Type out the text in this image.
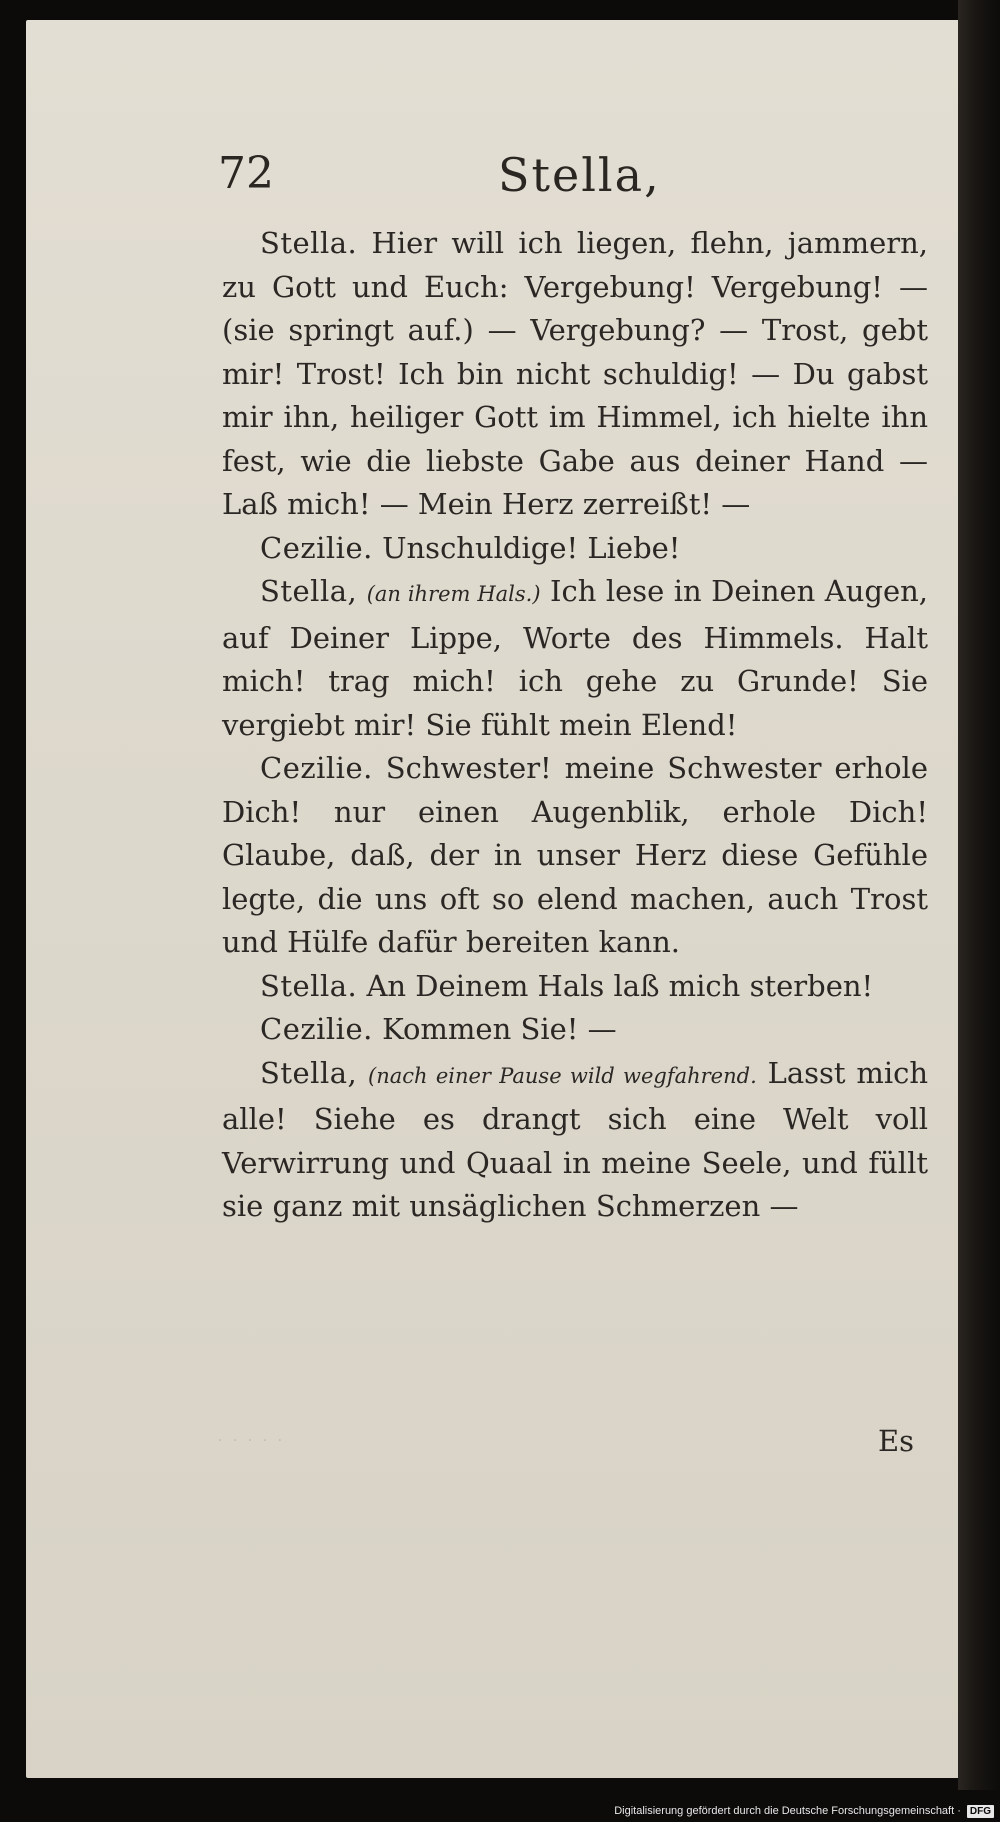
72	Stella,

Stella. Hier will ich liegen, flehn, jammern, zu Gott und Euch: Vergebung! Vergebung! — (sie springt auf.) — Vergebung? — Trost, gebt mir! Trost! Ich bin nicht schuldig! — Du gabst mir ihn, heiliger Gott im Himmel, ich hielte ihn fest, wie die liebste Gabe aus deiner Hand — Laß mich! — Mein Herz zerreißt! —

Cezilie. Unschuldige! Liebe!

Stella, (an ihrem Hals.) Ich lese in Deinen Augen, auf Deiner Lippe, Worte des Himmels. Halt mich! trag mich! ich gehe zu Grunde! Sie vergiebt mir! Sie fühlt mein Elend!

Cezilie. Schwester! meine Schwester erhole Dich! nur einen Augenblik, erhole Dich! Glaube, daß, der in unser Herz diese Gefühle legte, die uns oft so elend machen, auch Trost und Hülfe dafür bereiten kann.

Stella. An Deinem Hals laß mich sterben!

Cezilie. Kommen Sie! —

Stella, (nach einer Pause wild wegfahrend. Lasst mich alle! Siehe es drangt sich eine Welt voll Verwirrung und Quaal in meine Seele, und füllt sie ganz mit unsäglichen Schmerzen —

Es
· · · · ·
Digitalisierung gefördert durch die Deutsche Forschungsgemeinschaft · DFG
